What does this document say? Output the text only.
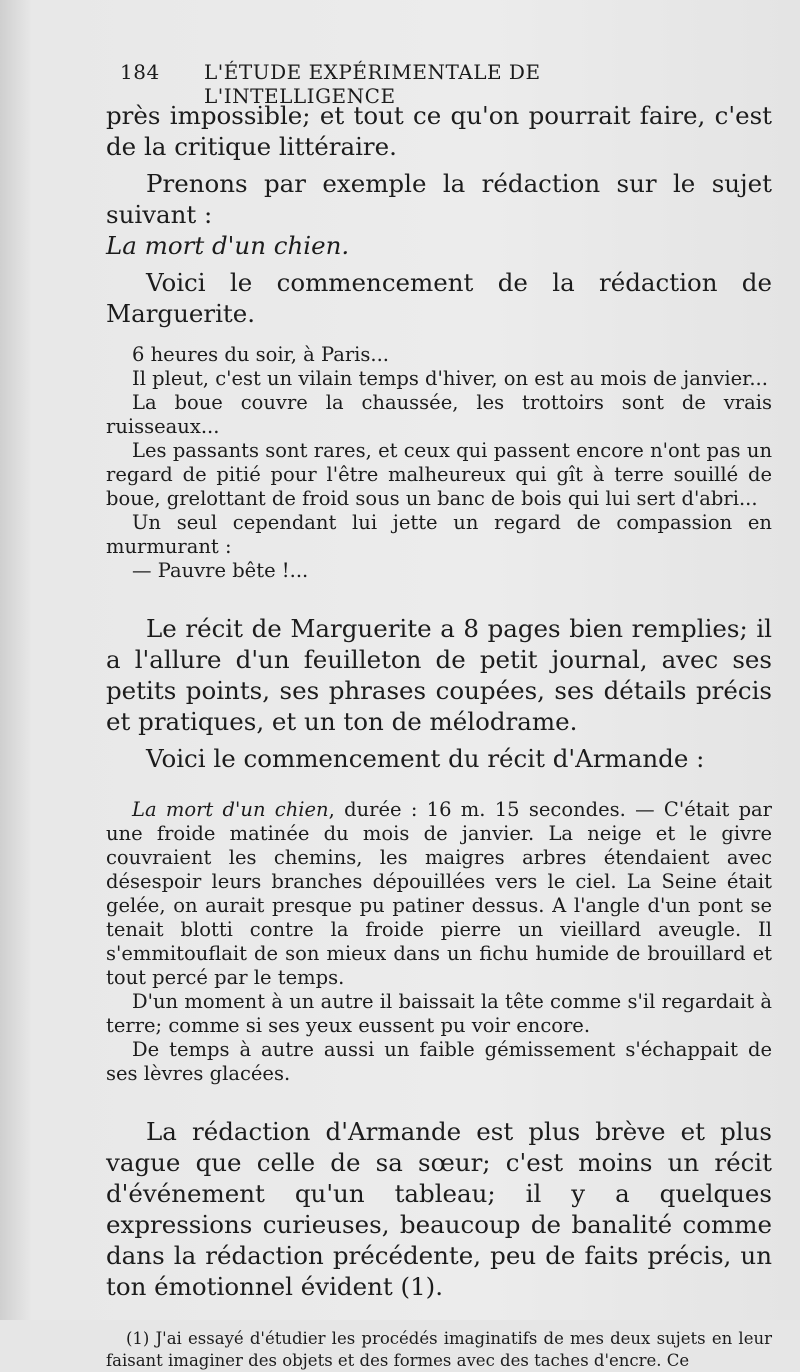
184 L'ÉTUDE EXPÉRIMENTALE DE L'INTELLIGENCE

près impossible; et tout ce qu'on pourrait faire, c'est de la critique littéraire.

Prenons par exemple la rédaction sur le sujet suivant :
La mort d'un chien.

Voici le commencement de la rédaction de Marguerite.

6 heures du soir, à Paris...

Il pleut, c'est un vilain temps d'hiver, on est au mois de janvier...

La boue couvre la chaussée, les trottoirs sont de vrais ruisseaux...

Les passants sont rares, et ceux qui passent encore n'ont pas un regard de pitié pour l'être malheureux qui gît à terre souillé de boue, grelottant de froid sous un banc de bois qui lui sert d'abri...

Un seul cependant lui jette un regard de compassion en murmurant :

— Pauvre bête !...

Le récit de Marguerite a 8 pages bien remplies; il a l'allure d'un feuilleton de petit journal, avec ses petits points, ses phrases coupées, ses détails précis et pratiques, et un ton de mélodrame.

Voici le commencement du récit d'Armande :

La mort d'un chien, durée : 16 m. 15 secondes. — C'était par une froide matinée du mois de janvier. La neige et le givre couvraient les chemins, les maigres arbres étendaient avec désespoir leurs branches dépouillées vers le ciel. La Seine était gelée, on aurait presque pu patiner dessus. A l'angle d'un pont se tenait blotti contre la froide pierre un vieillard aveugle. Il s'emmitouflait de son mieux dans un fichu humide de brouillard et tout percé par le temps.

D'un moment à un autre il baissait la tête comme s'il regardait à terre; comme si ses yeux eussent pu voir encore.

De temps à autre aussi un faible gémissement s'échappait de ses lèvres glacées.

La rédaction d'Armande est plus brève et plus vague que celle de sa sœur; c'est moins un récit d'événement qu'un tableau; il y a quelques expressions curieuses, beaucoup de banalité comme dans la rédaction précédente, peu de faits précis, un ton émotionnel évident (1).

(1) J'ai essayé d'étudier les procédés imaginatifs de mes deux sujets en leur faisant imaginer des objets et des formes avec des taches d'encre. Ce
